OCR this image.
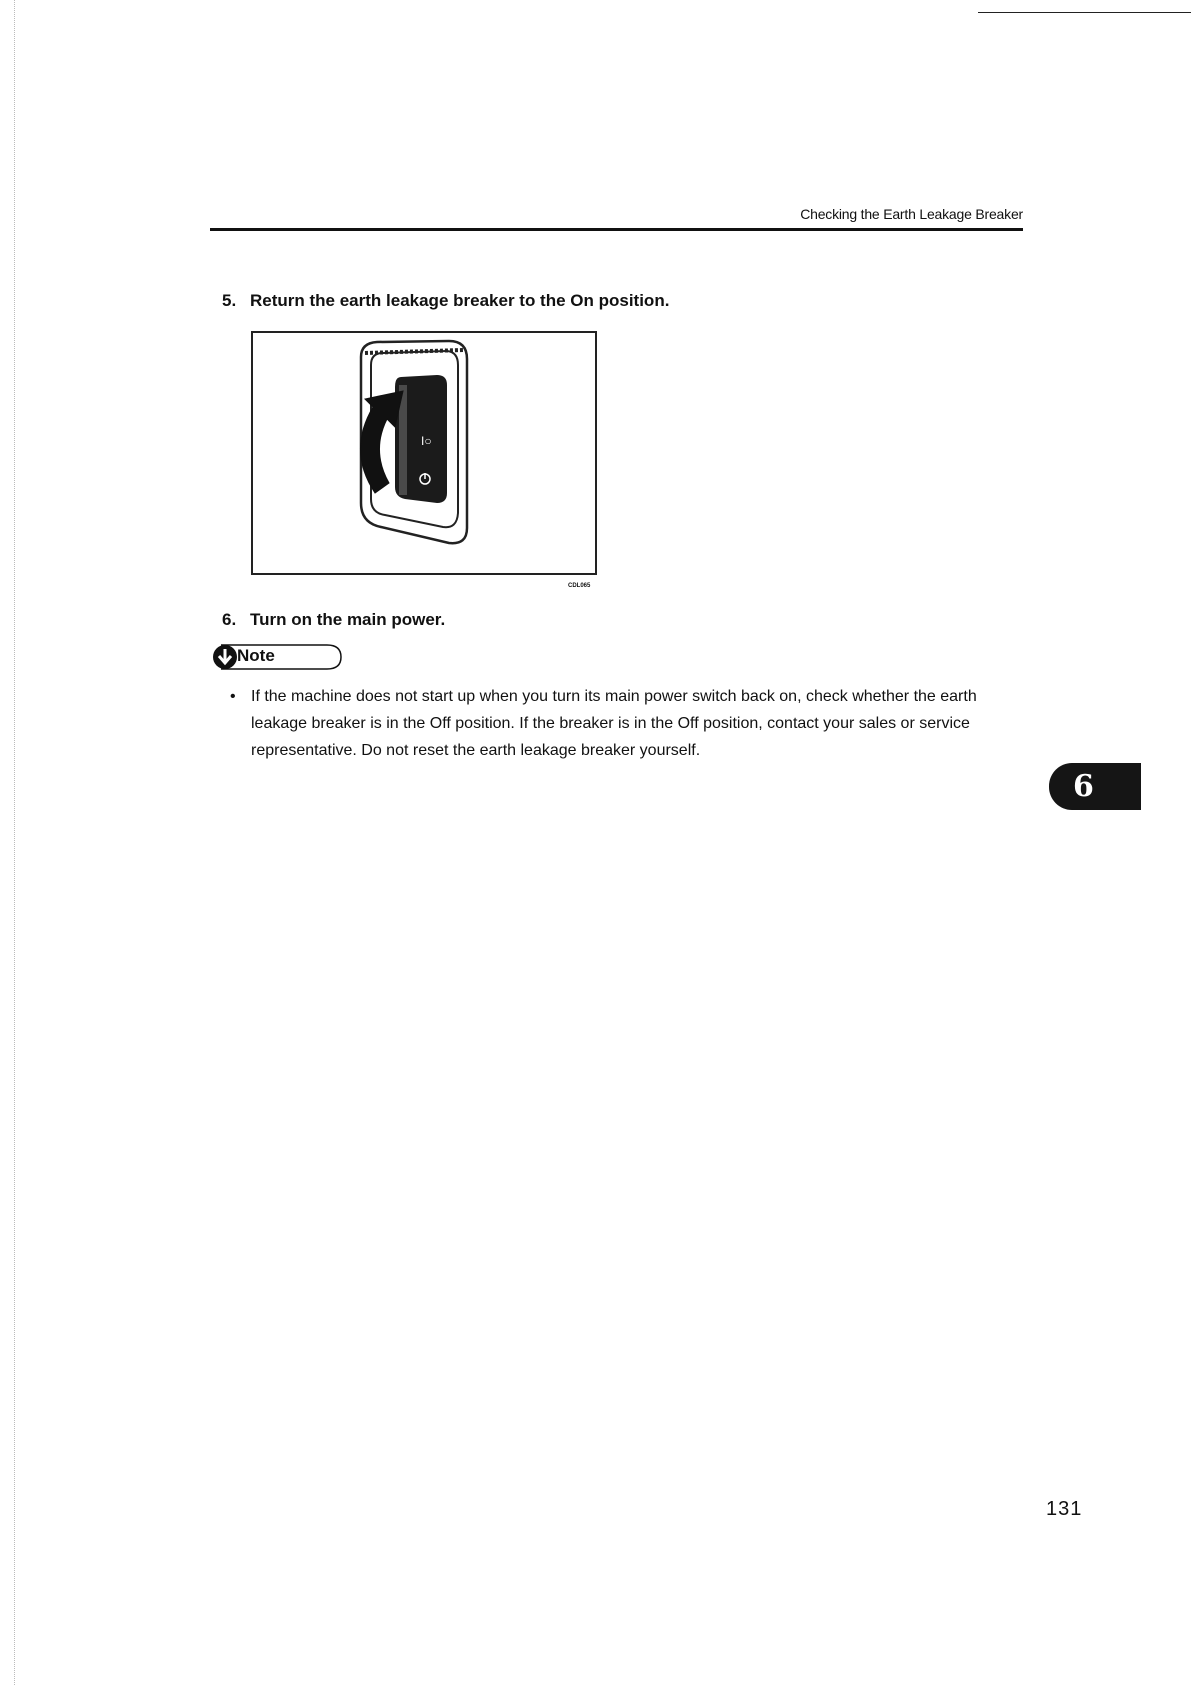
Checking the Earth Leakage Breaker
5. Return the earth leakage breaker to the On position.
I○
CDL065
6. Turn on the main power.
Note
• If the machine does not start up when you turn its main power switch back on, check whether the earth leakage breaker is in the Off position. If the breaker is in the Off position, contact your sales or service representative. Do not reset the earth leakage breaker yourself.
6
131
